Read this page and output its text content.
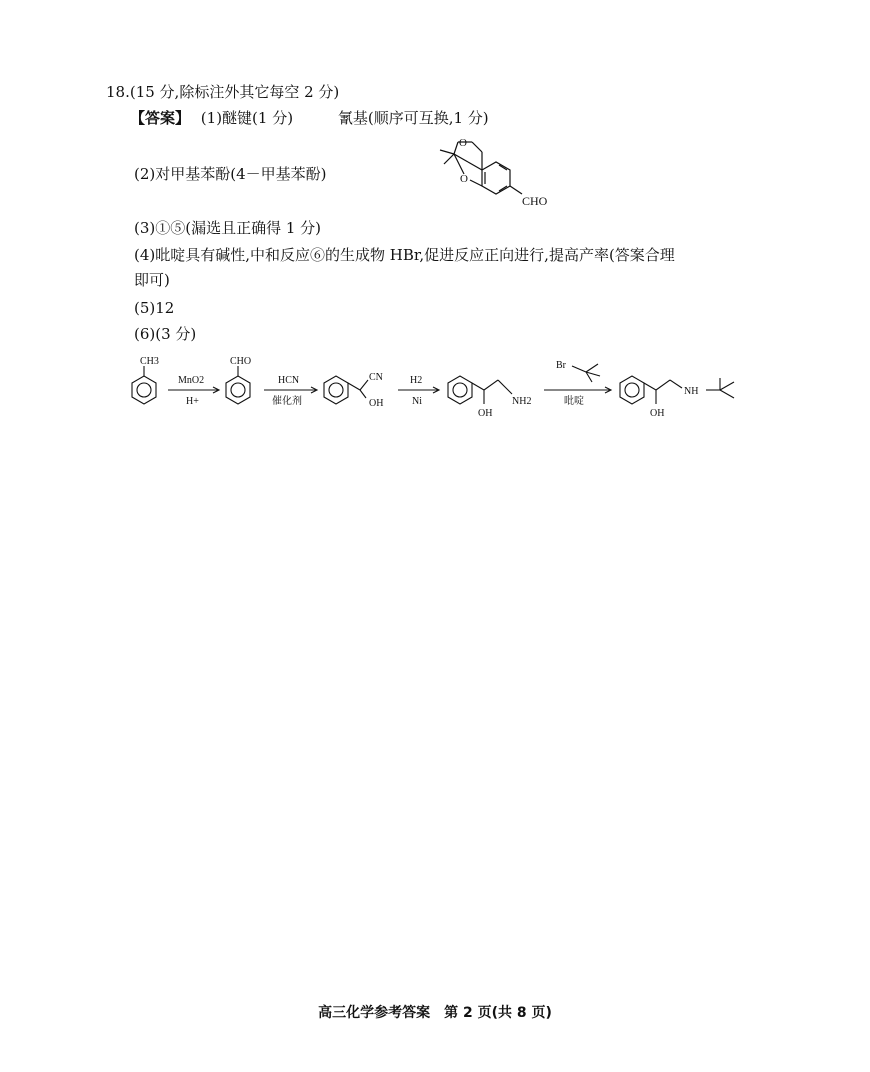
18.(15 分,除标注外其它每空 2 分)
【答案】 (1)醚键(1 分)	氰基(顺序可互换,1 分)
(2)对甲基苯酚(4－甲基苯酚)
O
O
CHO
(3)①⑤(漏选且正确得 1 分)
(4)吡啶具有碱性,中和反应⑥的生成物 HBr,促进反应正向进行,提高产率(答案合理
即可)
(5)12
(6)(3 分)
CH3
MnO2
H+
CHO
HCN
催化剂
CN
OH
H2
Ni
OH
NH2
Br
吡啶
OH
NH
高三化学参考答案　第 2 页(共 8 页)
